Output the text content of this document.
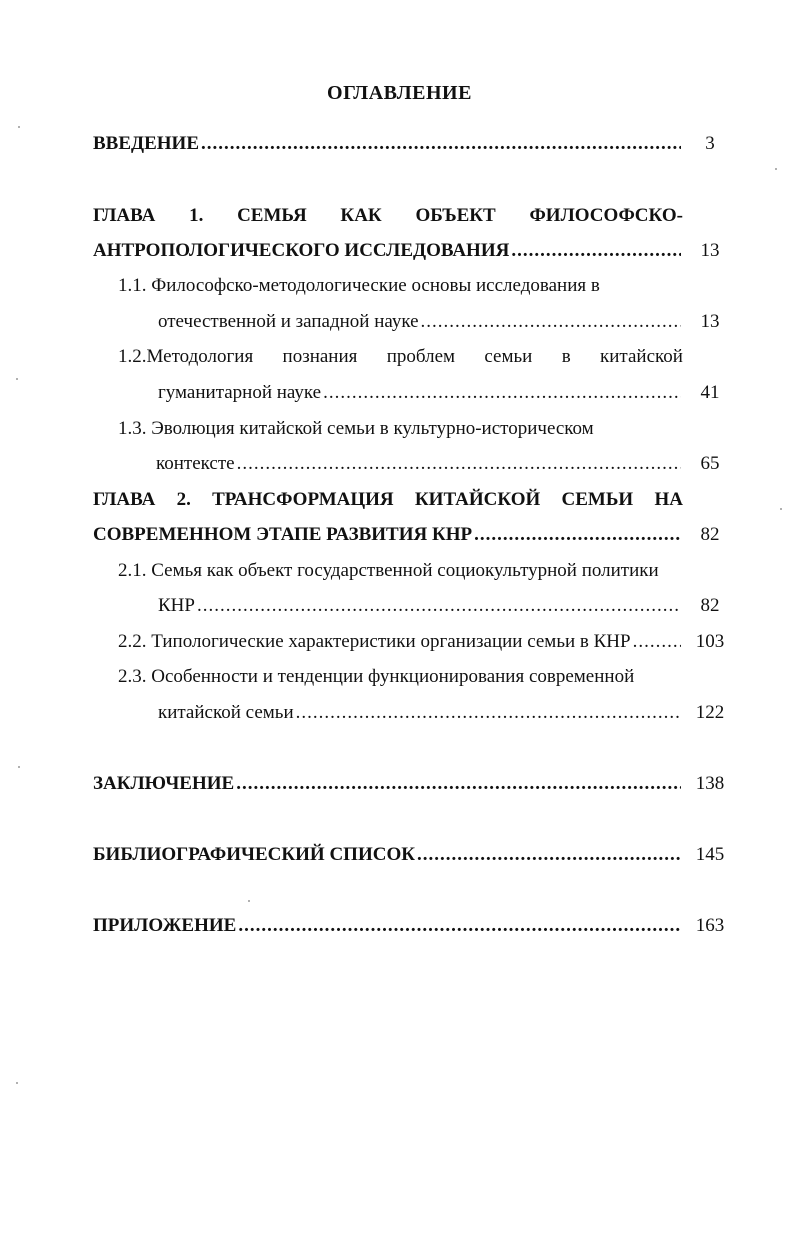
ОГЛАВЛЕНИЕ
ВВЕДЕНИЕ .....	3
ГЛАВА 1. СЕМЬЯ КАК ОБЪЕКТ ФИЛОСОФСКО-
АНТРОПОЛОГИЧЕСКОГО ИССЛЕДОВАНИЯ .....	13
1.1. Философско-методологические основы исследования в
отечественной и западной науке .....	13
1.2.Методология познания проблем семьи в китайской
гуманитарной науке .....	41
1.3. Эволюция китайской семьи в культурно-историческом
контексте .....	65
ГЛАВА 2. ТРАНСФОРМАЦИЯ КИТАЙСКОЙ СЕМЬИ НА
СОВРЕМЕННОМ ЭТАПЕ РАЗВИТИЯ КНР .....	82
2.1. Семья как объект государственной социокультурной политики
КНР .....	82
2.2. Типологические характеристики организации семьи в КНР .....	103
2.3. Особенности и тенденции функционирования современной
китайской семьи .....	122
ЗАКЛЮЧЕНИЕ .....	138
БИБЛИОГРАФИЧЕСКИЙ СПИСОК .....	145
ПРИЛОЖЕНИЕ .....	163
